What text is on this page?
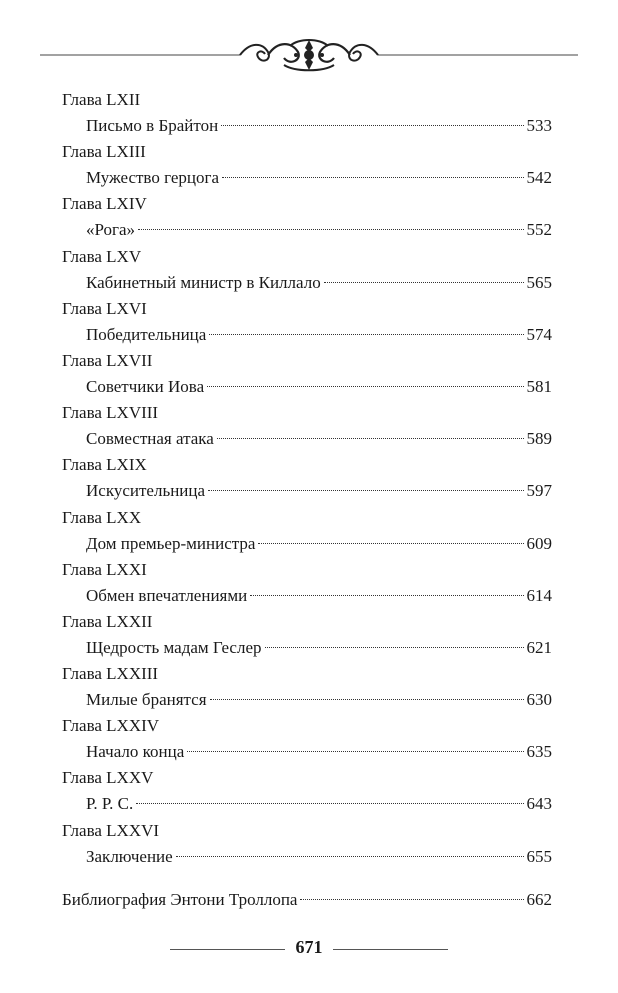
Глава LXII
Письмо в Брайтон	533
Глава LXIII
Мужество герцога	542
Глава LXIV
«Рога»	552
Глава LXV
Кабинетный министр в Киллало	565
Глава LXVI
Победительница	574
Глава LXVII
Советчики Иова	581
Глава LXVIII
Совместная атака	589
Глава LXIX
Искусительница	597
Глава LXX
Дом премьер-министра	609
Глава LXXI
Обмен впечатлениями	614
Глава LXXII
Щедрость мадам Геслер	621
Глава LXXIII
Милые бранятся	630
Глава LXXIV
Начало конца	635
Глава LXXV
Р. Р. С.	643
Глава LXXVI
Заключение	655
Библиография Энтони Троллопа	662
671
